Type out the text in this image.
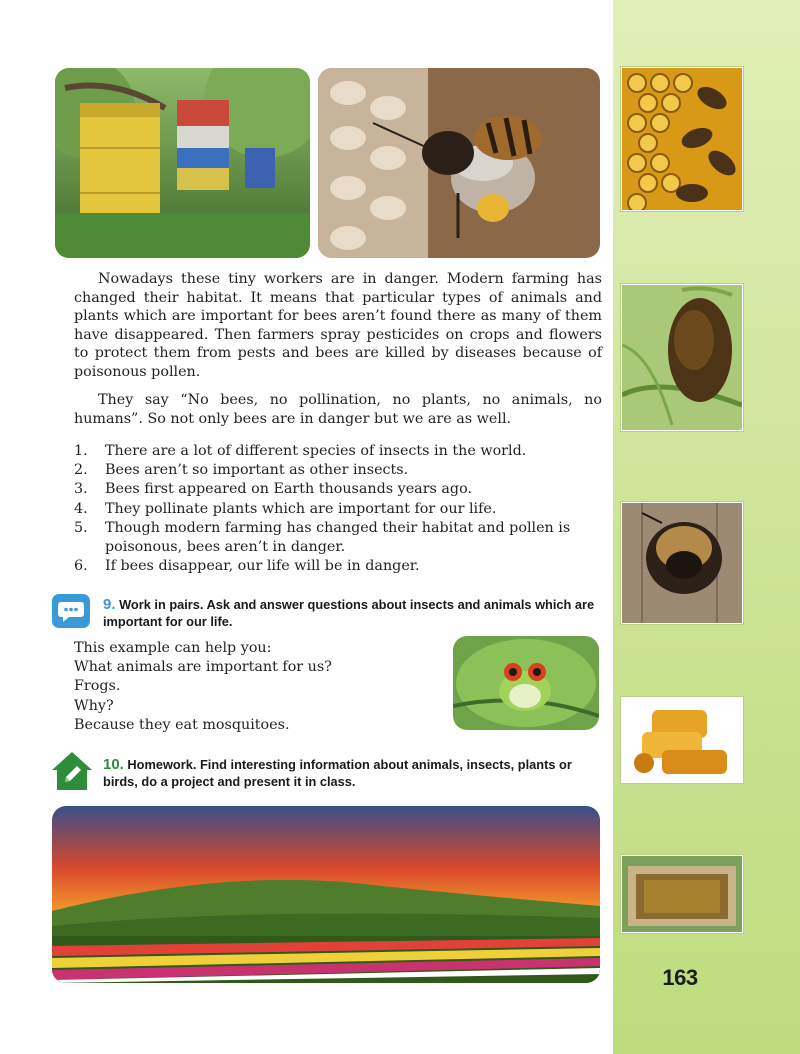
Nowadays these tiny workers are in danger. Modern farming has changed their habitat. It means that particular types of animals and plants which are important for bees aren’t found there as many of them have disappeared. Then farmers spray pesticides on crops and flowers to protect them from pests and bees are killed by diseases because of poisonous pollen.

They say “No bees, no pollination, no plants, no animals, no humans”. So not only bees are in danger but we are as well.

1.	There are a lot of different species of insects in the world.
2.	Bees aren’t so important as other insects.
3.	Bees first appeared on Earth thousands years ago.
4.	They pollinate plants which are important for our life.
5.	Though modern farming has changed their habitat and pollen is poisonous, bees aren’t in danger.
6.	If bees disappear, our life will be in danger.

9. Work in pairs. Ask and answer questions about insects and animals which are important for our life.

This example can help you:
What animals are important for us?
Frogs.
Why?
Because they eat mosquitoes.

10. Homework. Find interesting information about animals, insects, plants or birds, do a project and present it in class.

163
